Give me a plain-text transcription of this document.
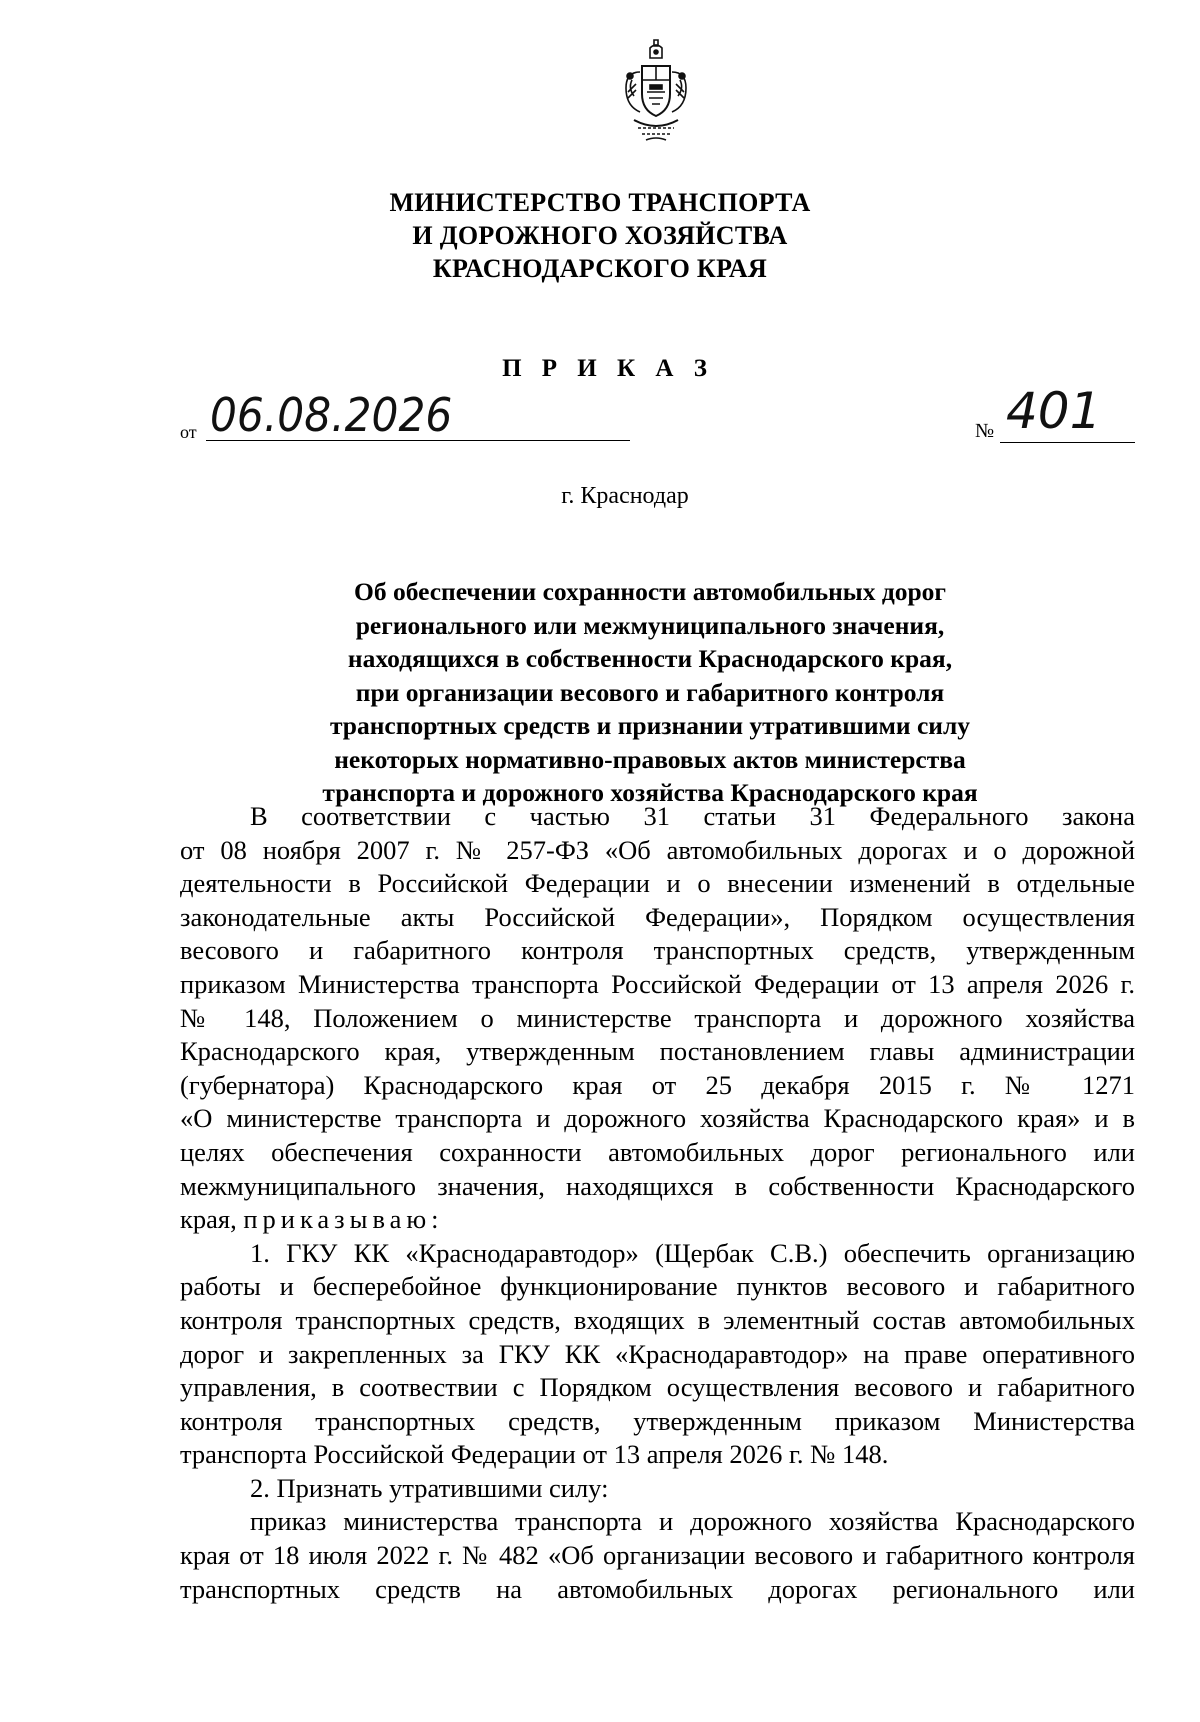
МИНИСТЕРСТВО ТРАНСПОРТА
И ДОРОЖНОГО ХОЗЯЙСТВА
КРАСНОДАРСКОГО КРАЯ
П Р И К А З
от 06.08.2026	№ 401
г. Краснодар
Об обеспечении сохранности автомобильных дорог
регионального или межмуниципального значения,
находящихся в собственности Краснодарского края,
при организации весового и габаритного контроля
транспортных средств и признании утратившими силу
некоторых нормативно-правовых актов министерства
транспорта и дорожного хозяйства Краснодарского края
В соответствии с частью 31 статьи 31 Федерального закона
от 08 ноября 2007 г. № 257-ФЗ «Об автомобильных дорогах и о дорожной
деятельности в Российской Федерации и о внесении изменений в отдельные
законодательные акты Российской Федерации», Порядком осуществления
весового и габаритного контроля транспортных средств, утвержденным
приказом Министерства транспорта Российской Федерации от 13 апреля 2026 г.
№ 148, Положением о министерстве транспорта и дорожного хозяйства
Краснодарского края, утвержденным постановлением главы администрации
(губернатора) Краснодарского края от 25 декабря 2015 г. № 1271
«О министерстве транспорта и дорожного хозяйства Краснодарского края» и в
целях обеспечения сохранности автомобильных дорог регионального или
межмуниципального значения, находящихся в собственности Краснодарского
края, приказываю:
1. ГКУ КК «Краснодаравтодор» (Щербак С.В.) обеспечить организацию
работы и бесперебойное функционирование пунктов весового и габаритного
контроля транспортных средств, входящих в элементный состав автомобильных
дорог и закрепленных за ГКУ КК «Краснодаравтодор» на праве оперативного
управления, в соотвествии с Порядком осуществления весового и габаритного
контроля транспортных средств, утвержденным приказом Министерства
транспорта Российской Федерации от 13 апреля 2026 г. № 148.
2. Признать утратившими силу:
приказ министерства транспорта и дорожного хозяйства Краснодарского
края от 18 июля 2022 г. № 482 «Об организации весового и габаритного контроля
транспортных средств на автомобильных дорогах регионального или
